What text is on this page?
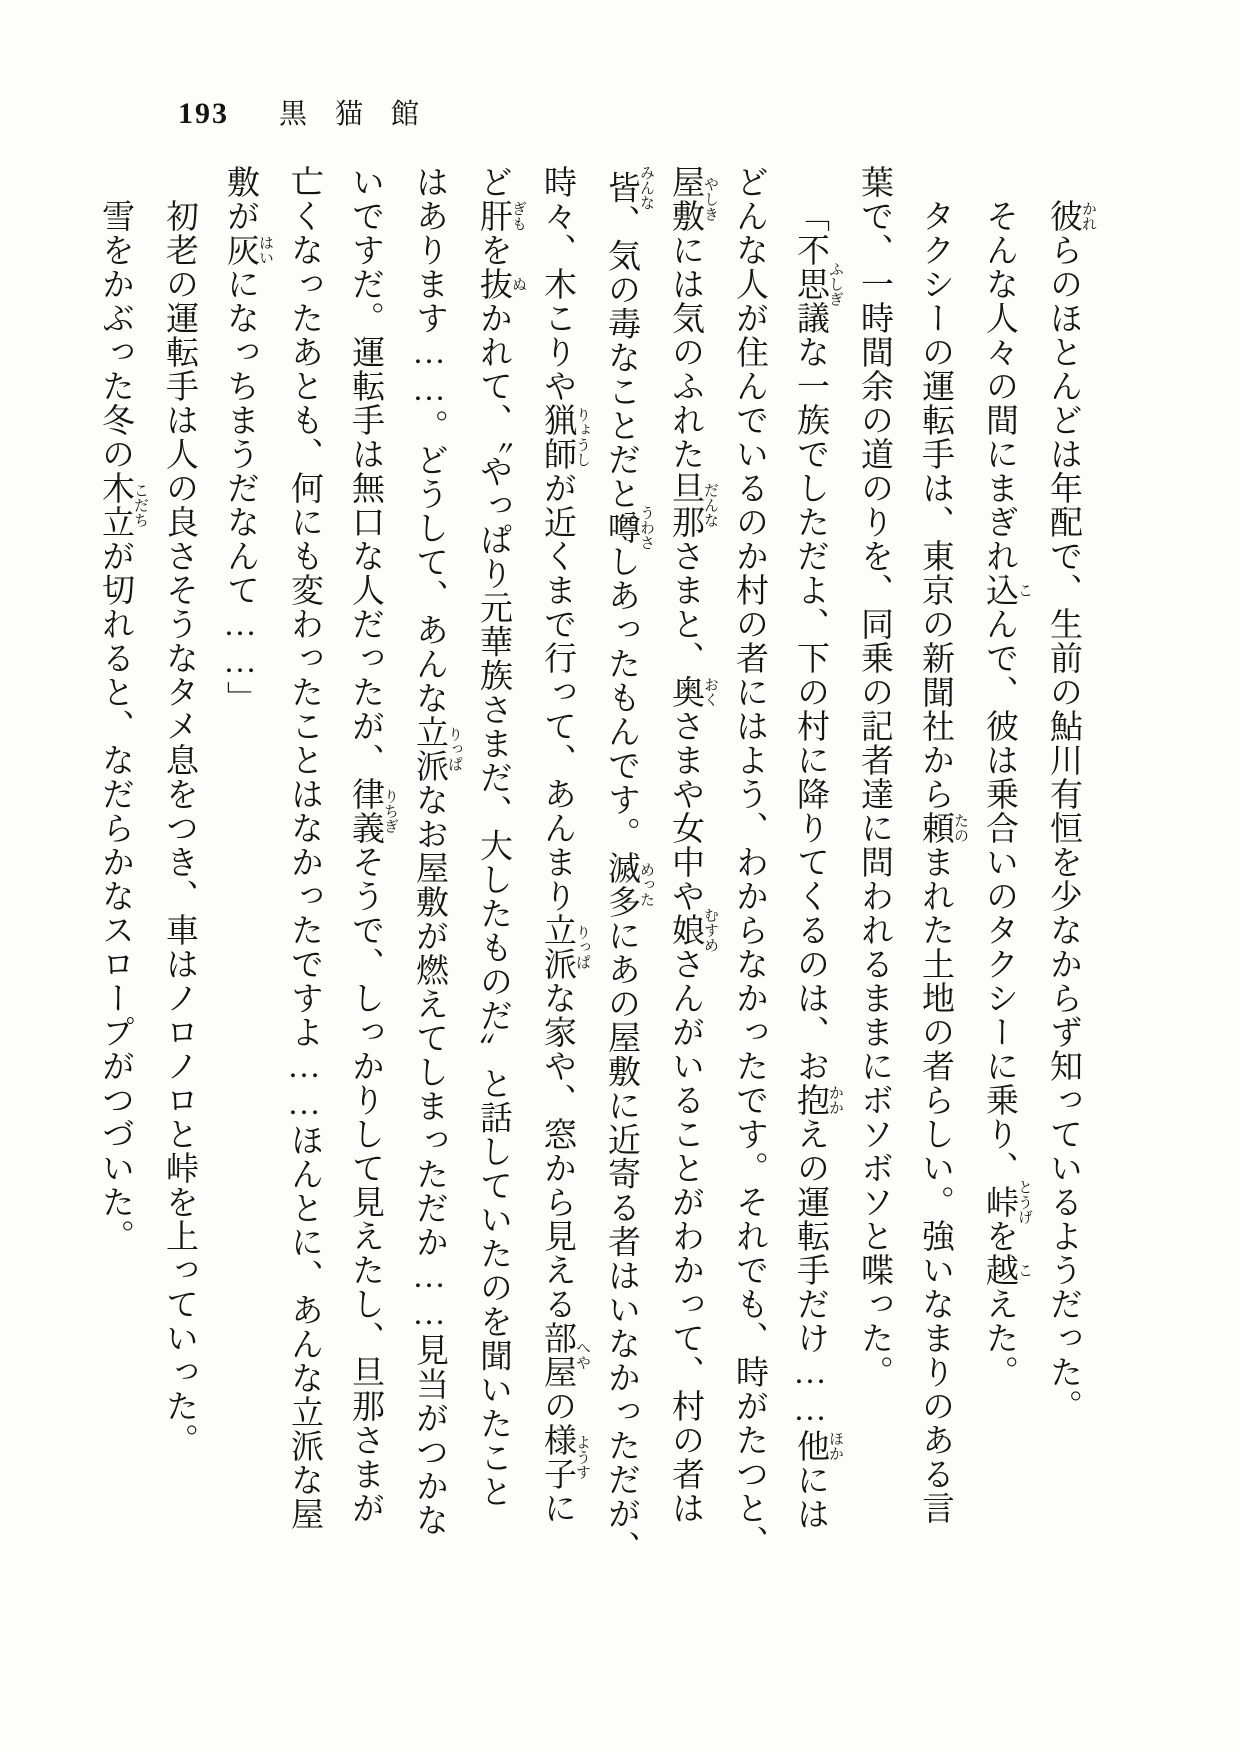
193 黒猫館
彼 かれらのほとんどは年配で、生前の鮎川有恒を少なからず知っているようだった。
そんな人々の間にまぎれ込 こんで、彼は乗合いのタクシーに乗り、峠 とうげを越 こえた。
タクシーの運転手は、東京の新聞社から頼 たのまれた土地の者らしい。強いなまりのある言
葉で、一時間余の道のりを、同乗の記者達に問われるままにボソボソと喋った。
「不思議 ふしぎな一族でしただよ、下の村に降りてくるのは、お抱 かかえの運転手だけ……他 ほかには
どんな人が住んでいるのか村の者にはよう、わからなかったです。それでも、時がたつと、
屋敷 やしきには気のふれた旦那 だんなさまと、奥 おくさまや女中や娘 むすめさんがいることがわかって、村の者は
皆 みんな、気の毒なことだと噂 うわさしあったもんです。滅多 めったにあの屋敷に近寄る者はいなかっただが、
時々、木こりや猟師 りょうしが近くまで行って、あんまり立派 りっぱな家や、窓から見える部屋 へやの様子 ようすに
ど肝 ぎもを抜 ぬかれて、〝やっぱり元華族さまだ、大したものだ〟と話していたのを聞いたこと
はあります……。どうして、あんな立派 りっぱなお屋敷が燃えてしまっただか……見当がつかな
いですだ。運転手は無口な人だったが、律義 りちぎそうで、しっかりして見えたし、旦那さまが
亡くなったあとも、何にも変わったことはなかったですよ……ほんとに、あんな立派な屋
敷が灰 はいになっちまうだなんて……」
初老の運転手は人の良さそうなタメ息をつき、車はノロノロと峠を上っていった。
雪をかぶった冬の木立 こだちが切れると、なだらかなスロープがつづいた。
